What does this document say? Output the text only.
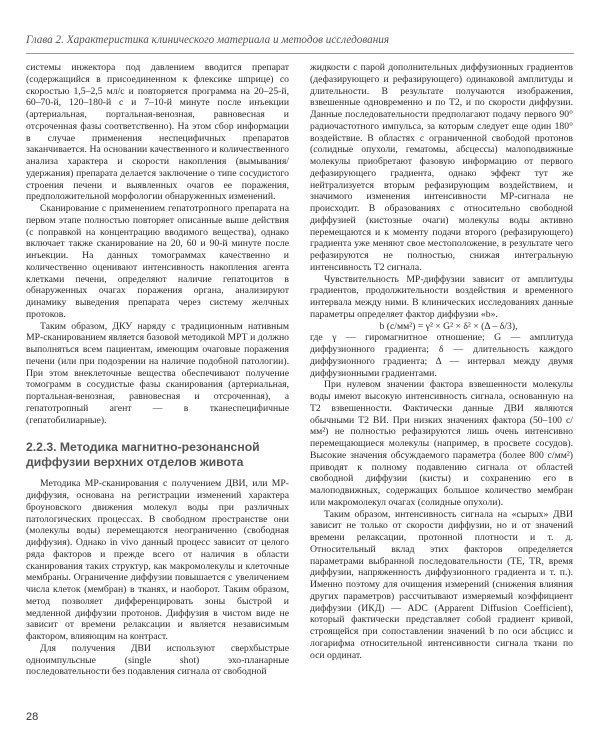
Глава 2. Характеристика клинического материала и методов исследования

системы инжектора под давлением вводится препарат (содержащийся в присоединенном к флексике шприце) со скоростью 1,5–2,5 мл/с и повторяется программа на 20–25-й, 60–70-й, 120–180-й с и 7–10-й минуте после инъекции (артериальная, портальная-венозная, равновесная и отсроченная фазы соответственно). На этом сбор информации в случае применения неспецифичных препаратов заканчивается. На основании качественного и количественного анализа характера и скорости накопления (вымывания/удержания) препарата делается заключение о типе сосудистого строения печени и выявленных очагов ее поражения, предположительной морфологии обнаруженных изменений.

Сканирование с применением гепатотропного препарата на первом этапе полностью повторяет описанные выше действия (с поправкой на концентрацию вводимого вещества), однако включает также сканирование на 20, 60 и 90-й минуте после инъекции. На данных томограммах качественно и количественно оценивают интенсивность накопления агента клетками печени, определяют наличие гепатоцитов в обнаруженных очагах поражения органа, анализируют динамику выведения препарата через систему желчных протоков.

Таким образом, ДКУ наряду с традиционным нативным МР-сканированием является базовой методикой МРТ и должно выполняться всем пациентам, имеющим очаговые поражения печени (или при подозрении на наличие подобной патологии). При этом внеклеточные вещества обеспечивают получение томограмм в сосудистые фазы сканирования (артериальная, портальная-венозная, равновесная и отсроченная), а гепатотропный агент — в тканеспецифичные (гепатобилиарные).

2.2.3. Методика магнитно-резонансной диффузии верхних отделов живота

Методика МР-сканирования с получением ДВИ, или МР-диффузия, основана на регистрации изменений характера броуновского движения молекул воды при различных патологических процессах. В свободном пространстве они (молекулы воды) перемещаются неограниченно (свободная диффузия). Однако in vivo данный процесс зависит от целого ряда факторов и прежде всего от наличия в области сканирования таких структур, как макромолекулы и клеточные мембраны. Ограничение диффузии повышается с увеличением числа клеток (мембран) в тканях, и наоборот. Таким образом, метод позволяет дифференцировать зоны быстрой и медленной диффузии протонов. Диффузия в чистом виде не зависит от времени релаксации и является независимым фактором, влияющим на контраст.

Для получения ДВИ используют сверхбыстрые однoимпульсные (single shot) эхо-планарные последовательности без подавления сигнала от свободной

жидкости с парой дополнительных диффузионных градиентов (дефазирующего и рефазирующего) одинаковой амплитуды и длительности. В результате получаются изображения, взвешенные одновременно и по T2, и по скорости диффузии. Данные последовательности предполагают подачу первого 90° радиочастотного импульса, за которым следует еще один 180° воздействие. В областях с ограниченной свободой протонов (солидные опухоли, гематомы, абсцессы) малоподвижные молекулы приобретают фазовую информацию от первого дефазирующего градиента, однако эффект тут же нейтрализуется вторым рефазирующим воздействием, и значимого изменения интенсивности МР-сигнала не происходит. В образованиях с относительно свободной диффузией (кистозные очаги) молекулы воды активно перемещаются и к моменту подачи второго (рефазирующего) градиента уже меняют свое местоположение, в результате чего рефазируются не полностью, снижая интегральную интенсивность T2 сигнала.

Чувствительность МР-диффузии зависит от амплитуды градиентов, продолжительности воздействия и временного интервала между ними. В клинических исследованиях данные параметры определяет фактор диффузии «b».

b (с/мм²) = γ² × G² × δ² × (Δ – δ/3),

где γ — гиромагнитное отношение; G — амплитуда диффузионного градиента; δ — длительность каждого диффузионного градиента; Δ — интервал между двумя диффузионными градиентами.

При нулевом значении фактора взвешенности молекулы воды имеют высокую интенсивность сигнала, основанную на T2 взвешенности. Фактически данные ДВИ являются обычными T2 ВИ. При низких значениях фактора (50–100 с/мм²) не полностью рефазируются лишь очень интенсивно перемещающиеся молекулы (например, в просвете сосудов). Высокие значения обсуждаемого параметра (более 800 с/мм²) приводят к полному подавлению сигнала от областей свободной диффузии (кисты) и сохранению его в малоподвижных, содержащих большое количество мембран или макромолекул очагах (солидные опухоли).

Таким образом, интенсивность сигнала на «сырых» ДВИ зависит не только от скорости диффузии, но и от значений времени релаксации, протонной плотности и т. д. Относительный вклад этих факторов определяется параметрами выбранной последовательности (TE, TR, время диффузии, напряженность диффузионного градиента и т. п.). Именно поэтому для очищения измерений (снижения влияния других параметров) рассчитывают измеряемый коэффициент диффузии (ИКД) — ADC (Apparent Diffusion Coefficient), который фактически представляет собой градиент кривой, строящейся при сопоставлении значений b по оси абсцисс и логарифма относительной интенсивности сигнала ткани по оси ординат.

28
